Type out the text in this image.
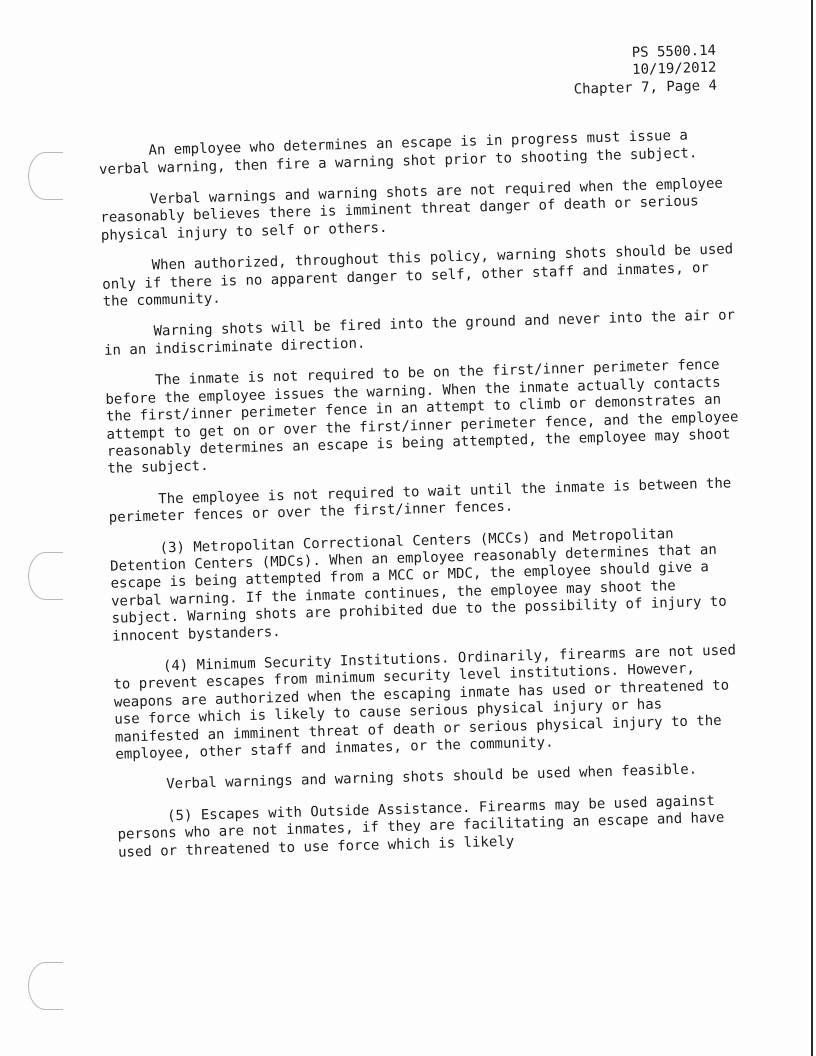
PS 5500.14
10/19/2012
Chapter 7, Page 4

An employee who determines an escape is in progress must issue a verbal warning, then fire a warning shot prior to shooting the subject.

Verbal warnings and warning shots are not required when the employee reasonably believes there is imminent threat danger of death or serious physical injury to self or others.

When authorized, throughout this policy, warning shots should be used only if there is no apparent danger to self, other staff and inmates, or the community.

Warning shots will be fired into the ground and never into the air or in an indiscriminate direction.

The inmate is not required to be on the first/inner perimeter fence before the employee issues the warning. When the inmate actually contacts the first/inner perimeter fence in an attempt to climb or demonstrates an attempt to get on or over the first/inner perimeter fence, and the employee reasonably determines an escape is being attempted, the employee may shoot the subject.

The employee is not required to wait until the inmate is between the perimeter fences or over the first/inner fences.

(3) Metropolitan Correctional Centers (MCCs) and Metropolitan Detention Centers (MDCs). When an employee reasonably determines that an escape is being attempted from a MCC or MDC, the employee should give a verbal warning. If the inmate continues, the employee may shoot the subject. Warning shots are prohibited due to the possibility of injury to innocent bystanders.

(4) Minimum Security Institutions. Ordinarily, firearms are not used to prevent escapes from minimum security level institutions. However, weapons are authorized when the escaping inmate has used or threatened to use force which is likely to cause serious physical injury or has manifested an imminent threat of death or serious physical injury to the employee, other staff and inmates, or the community.

Verbal warnings and warning shots should be used when feasible.

(5) Escapes with Outside Assistance. Firearms may be used against persons who are not inmates, if they are facilitating an escape and have used or threatened to use force which is likely
